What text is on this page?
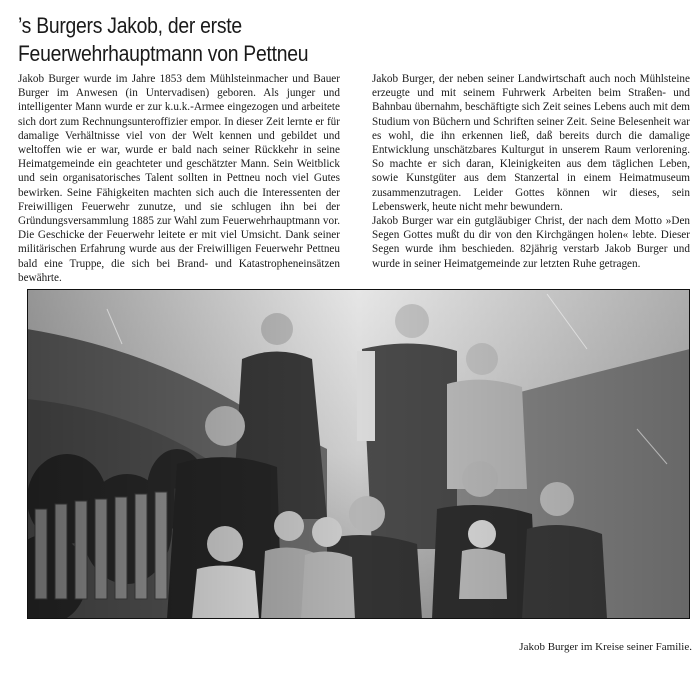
’s Burgers Jakob, der erste
Feuerwehrhauptmann von Pettneu

Jakob Burger wurde im Jahre 1853 dem Mühlsteinmacher und Bauer Burger im Anwesen (in Untervadisen) geboren. Als junger und intelligenter Mann wurde er zur k.u.k.-Armee eingezogen und arbeitete sich dort zum Rechnungsunteroffizier empor. In dieser Zeit lernte er für damalige Verhältnisse viel von der Welt kennen und gebildet und weltoffen wie er war, wurde er bald nach seiner Rückkehr in seine Heimatgemeinde ein geachteter und geschätzter Mann. Sein Weitblick und sein organisatorisches Talent sollten in Pettneu noch viel Gutes bewirken. Seine Fähigkeiten machten sich auch die Interessenten der Freiwilligen Feuerwehr zunutze, und sie schlugen ihn bei der Gründungsversammlung 1885 zur Wahl zum Feuerwehrhauptmann vor. Die Geschicke der Feuerwehr leitete er mit viel Umsicht. Dank seiner militärischen Erfahrung wurde aus der Freiwilligen Feuerwehr Pettneu bald eine Truppe, die sich bei Brand- und Katastropheneinsätzen bewährte.

Jakob Burger, der neben seiner Landwirtschaft auch noch Mühlsteine erzeugte und mit seinem Fuhrwerk Arbeiten beim Straßen- und Bahnbau übernahm, beschäftigte sich Zeit seines Lebens auch mit dem Studium von Büchern und Schriften seiner Zeit. Seine Belesenheit war es wohl, die ihn erkennen ließ, daß bereits durch die damalige Entwicklung unschätzbares Kulturgut in unserem Raum verlorening. So machte er sich daran, Kleinigkeiten aus dem täglichen Leben, sowie Kunstgüter aus dem Stanzertal in einem Heimatmuseum zusammenzutragen. Leider Gottes können wir dieses, sein Lebenswerk, heute nicht mehr bewundern.

Jakob Burger war ein gutgläubiger Christ, der nach dem Motto »Den Segen Gottes mußt du dir von den Kirchgängen holen« lebte. Dieser Segen wurde ihm beschieden. 82jährig verstarb Jakob Burger und wurde in seiner Heimatgemeinde zur letzten Ruhe getragen.

Jakob Burger im Kreise seiner Familie.
